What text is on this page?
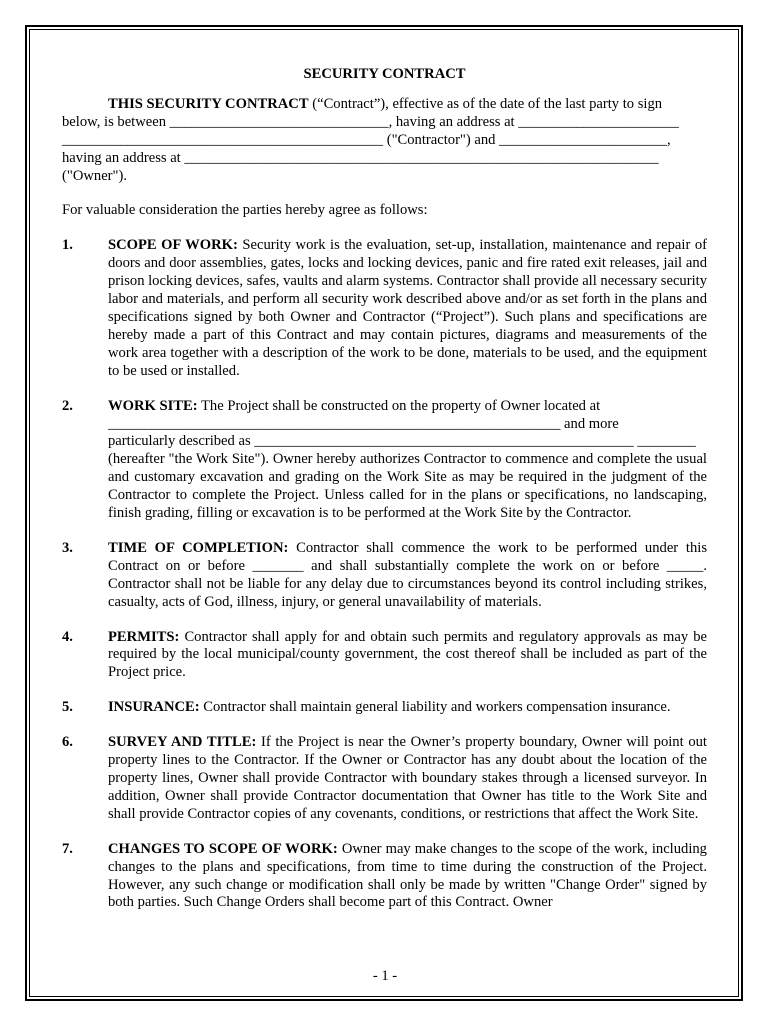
SECURITY CONTRACT
THIS SECURITY CONTRACT (“Contract”), effective as of the date of the last party to sign
below, is between ______________________________, having an address at ______________________
____________________________________________ ("Contractor") and _______________________,
having an address at _________________________________________________________________
("Owner").
For valuable consideration the parties hereby agree as follows:
1. SCOPE OF WORK: Security work is the evaluation, set-up, installation, maintenance and repair of doors and door assemblies, gates, locks and locking devices, panic and fire rated exit releases, jail and prison locking devices, safes, vaults and alarm systems. Contractor shall provide all necessary security labor and materials, and perform all security work described above and/or as set forth in the plans and specifications signed by both Owner and Contractor (“Project”). Such plans and specifications are hereby made a part of this Contract and may contain pictures, diagrams and measurements of the work area together with a description of the work to be done, materials to be used, and the equipment to be used or installed.
2. WORK SITE: The Project shall be constructed on the property of Owner located at
______________________________________________________________ and more
particularly described as ____________________________________________________ ________
(hereafter "the Work Site"). Owner hereby authorizes Contractor to commence and complete the usual and customary excavation and grading on the Work Site as may be required in the judgment of the Contractor to complete the Project. Unless called for in the plans or specifications, no landscaping, finish grading, filling or excavation is to be performed at the Work Site by the Contractor.
3. TIME OF COMPLETION: Contractor shall commence the work to be performed under this Contract on or before _______ and shall substantially complete the work on or before _____. Contractor shall not be liable for any delay due to circumstances beyond its control including strikes, casualty, acts of God, illness, injury, or general unavailability of materials.
4. PERMITS: Contractor shall apply for and obtain such permits and regulatory approvals as may be required by the local municipal/county government, the cost thereof shall be included as part of the Project price.
5. INSURANCE: Contractor shall maintain general liability and workers compensation insurance.
6. SURVEY AND TITLE: If the Project is near the Owner’s property boundary, Owner will point out property lines to the Contractor. If the Owner or Contractor has any doubt about the location of the property lines, Owner shall provide Contractor with boundary stakes through a licensed surveyor. In addition, Owner shall provide Contractor documentation that Owner has title to the Work Site and shall provide Contractor copies of any covenants, conditions, or restrictions that affect the Work Site.
7. CHANGES TO SCOPE OF WORK: Owner may make changes to the scope of the work, including changes to the plans and specifications, from time to time during the construction of the Project. However, any such change or modification shall only be made by written "Change Order" signed by both parties. Such Change Orders shall become part of this Contract. Owner
- 1 -
